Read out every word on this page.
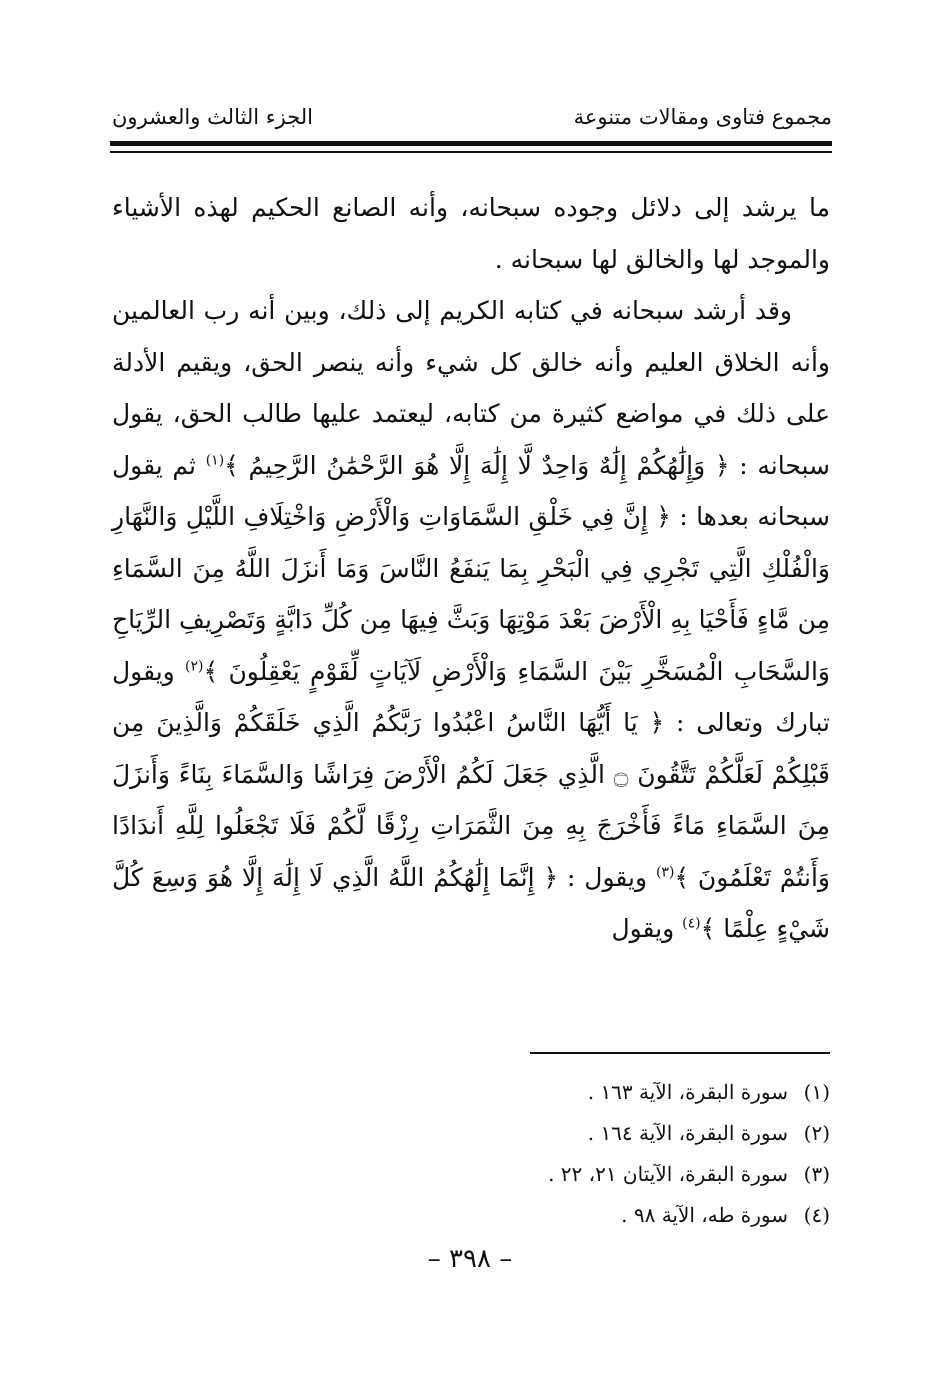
مجموع فتاوى ومقالات متنوعة
الجزء الثالث والعشرون

ما يرشد إلى دلائل وجوده سبحانه، وأنه الصانع الحكيم لهذه الأشياء والموجد لها والخالق لها سبحانه .

وقد أرشد سبحانه في كتابه الكريم إلى ذلك، وبين أنه رب العالمين وأنه الخلاق العليم وأنه خالق كل شيء وأنه ينصر الحق، ويقيم الأدلة على ذلك في مواضع كثيرة من كتابه، ليعتمد عليها طالب الحق، يقول سبحانه : ﴿ وَإِلَٰهُكُمْ إِلَٰهٌ وَاحِدٌ لَّا إِلَٰهَ إِلَّا هُوَ الرَّحْمَٰنُ الرَّحِيمُ ﴾$^{(١)}$ ثم يقول سبحانه بعدها : ﴿ إِنَّ فِي خَلْقِ السَّمَاوَاتِ وَالْأَرْضِ وَاخْتِلَافِ اللَّيْلِ وَالنَّهَارِ وَالْفُلْكِ الَّتِي تَجْرِي فِي الْبَحْرِ بِمَا يَنفَعُ النَّاسَ وَمَا أَنزَلَ اللَّهُ مِنَ السَّمَاءِ مِن مَّاءٍ فَأَحْيَا بِهِ الْأَرْضَ بَعْدَ مَوْتِهَا وَبَثَّ فِيهَا مِن كُلِّ دَابَّةٍ وَتَصْرِيفِ الرِّيَاحِ وَالسَّحَابِ الْمُسَخَّرِ بَيْنَ السَّمَاءِ وَالْأَرْضِ لَآيَاتٍ لِّقَوْمٍ يَعْقِلُونَ ﴾$^{(٢)}$ ويقول تبارك وتعالى : ﴿ يَا أَيُّهَا النَّاسُ اعْبُدُوا رَبَّكُمُ الَّذِي خَلَقَكُمْ وَالَّذِينَ مِن قَبْلِكُمْ لَعَلَّكُمْ تَتَّقُونَ ۝ الَّذِي جَعَلَ لَكُمُ الْأَرْضَ فِرَاشًا وَالسَّمَاءَ بِنَاءً وَأَنزَلَ مِنَ السَّمَاءِ مَاءً فَأَخْرَجَ بِهِ مِنَ الثَّمَرَاتِ رِزْقًا لَّكُمْ فَلَا تَجْعَلُوا لِلَّهِ أَندَادًا وَأَنتُمْ تَعْلَمُونَ ﴾$^{(٣)}$ ويقول : ﴿ إِنَّمَا إِلَٰهُكُمُ اللَّهُ الَّذِي لَا إِلَٰهَ إِلَّا هُوَ وَسِعَ كُلَّ شَيْءٍ عِلْمًا ﴾$^{(٤)}$ ويقول

(١)سورة البقرة، الآية ١٦٣ .
(٢)سورة البقرة، الآية ١٦٤ .
(٣)سورة البقرة، الآيتان ٢١، ٢٢ .
(٤)سورة طه، الآية ٩٨ .
– ٣٩٨ –
